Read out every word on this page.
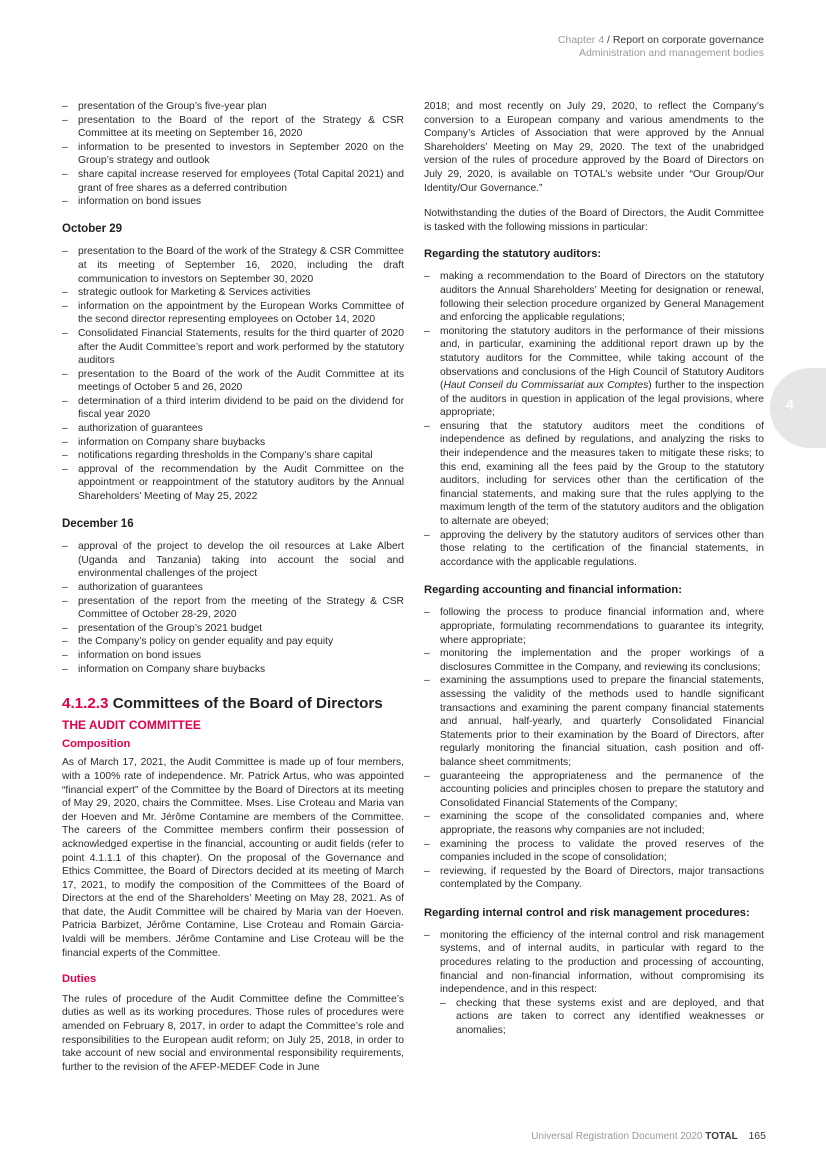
Chapter 4 / Report on corporate governance
Administration and management bodies
4
– presentation of the Group’s five-year plan
– presentation to the Board of the report of the Strategy & CSR Committee at its meeting on September 16, 2020
– information to be presented to investors in September 2020 on the Group’s strategy and outlook
– share capital increase reserved for employees (Total Capital 2021) and grant of free shares as a deferred contribution
– information on bond issues
October 29
– presentation to the Board of the work of the Strategy & CSR Committee at its meeting of September 16, 2020, including the draft communication to investors on September 30, 2020
– strategic outlook for Marketing & Services activities
– information on the appointment by the European Works Committee of the second director representing employees on October 14, 2020
– Consolidated Financial Statements, results for the third quarter of 2020 after the Audit Committee’s report and work performed by the statutory auditors
– presentation to the Board of the work of the Audit Committee at its meetings of October 5 and 26, 2020
– determination of a third interim dividend to be paid on the dividend for fiscal year 2020
– authorization of guarantees
– information on Company share buybacks
– notifications regarding thresholds in the Company’s share capital
– approval of the recommendation by the Audit Committee on the appointment or reappointment of the statutory auditors by the Annual Shareholders’ Meeting of May 25, 2022
December 16
– approval of the project to develop the oil resources at Lake Albert (Uganda and Tanzania) taking into account the social and environmental challenges of the project
– authorization of guarantees
– presentation of the report from the meeting of the Strategy & CSR Committee of October 28-29, 2020
– presentation of the Group’s 2021 budget
– the Company’s policy on gender equality and pay equity
– information on bond issues
– information on Company share buybacks
4.1.2.3 Committees of the Board of Directors
THE AUDIT COMMITTEE
Composition

As of March 17, 2021, the Audit Committee is made up of four members, with a 100% rate of independence. Mr. Patrick Artus, who was appointed “financial expert” of the Committee by the Board of Directors at its meeting of May 29, 2020, chairs the Committee. Mses. Lise Croteau and Maria van der Hoeven and Mr. Jérôme Contamine are members of the Committee. The careers of the Committee members confirm their possession of acknowledged expertise in the financial, accounting or audit fields (refer to point 4.1.1.1 of this chapter). On the proposal of the Governance and Ethics Committee, the Board of Directors decided at its meeting of March 17, 2021, to modify the composition of the Committees of the Board of Directors at the end of the Shareholders’ Meeting on May 28, 2021. As of that date, the Audit Committee will be chaired by Maria van der Hoeven. Patricia Barbizet, Jérôme Contamine, Lise Croteau and Romain Garcia-Ivaldi will be members. Jérôme Contamine and Lise Croteau will be the financial experts of the Committee.

Duties

The rules of procedure of the Audit Committee define the Committee’s duties as well as its working procedures. Those rules of procedures were amended on February 8, 2017, in order to adapt the Committee’s role and responsibilities to the European audit reform; on July 25, 2018, in order to take account of new social and environmental responsibility requirements, further to the revision of the AFEP-MEDEF Code in June

2018; and most recently on July 29, 2020, to reflect the Company’s conversion to a European company and various amendments to the Company’s Articles of Association that were approved by the Annual Shareholders’ Meeting on May 29, 2020. The text of the unabridged version of the rules of procedure approved by the Board of Directors on July 29, 2020, is available on TOTAL’s website under “Our Group/Our Identity/Our Governance.”

Notwithstanding the duties of the Board of Directors, the Audit Committee is tasked with the following missions in particular:

Regarding the statutory auditors:
– making a recommendation to the Board of Directors on the statutory auditors the Annual Shareholders’ Meeting for designation or renewal, following their selection procedure organized by General Management and enforcing the applicable regulations;
– monitoring the statutory auditors in the performance of their missions and, in particular, examining the additional report drawn up by the statutory auditors for the Committee, while taking account of the observations and conclusions of the High Council of Statutory Auditors (Haut Conseil du Commissariat aux Comptes) further to the inspection of the auditors in question in application of the legal provisions, where appropriate;
– ensuring that the statutory auditors meet the conditions of independence as defined by regulations, and analyzing the risks to their independence and the measures taken to mitigate these risks; to this end, examining all the fees paid by the Group to the statutory auditors, including for services other than the certification of the financial statements, and making sure that the rules applying to the maximum length of the term of the statutory auditors and the obligation to alternate are obeyed;
– approving the delivery by the statutory auditors of services other than those relating to the certification of the financial statements, in accordance with the applicable regulations.
Regarding accounting and financial information:
– following the process to produce financial information and, where appropriate, formulating recommendations to guarantee its integrity, where appropriate;
– monitoring the implementation and the proper workings of a disclosures Committee in the Company, and reviewing its conclusions;
– examining the assumptions used to prepare the financial statements, assessing the validity of the methods used to handle significant transactions and examining the parent company financial statements and annual, half-yearly, and quarterly Consolidated Financial Statements prior to their examination by the Board of Directors, after regularly monitoring the financial situation, cash position and off-balance sheet commitments;
– guaranteeing the appropriateness and the permanence of the accounting policies and principles chosen to prepare the statutory and Consolidated Financial Statements of the Company;
– examining the scope of the consolidated companies and, where appropriate, the reasons why companies are not included;
– examining the process to validate the proved reserves of the companies included in the scope of consolidation;
– reviewing, if requested by the Board of Directors, major transactions contemplated by the Company.
Regarding internal control and risk management procedures:
– monitoring the efficiency of the internal control and risk management systems, and of internal audits, in particular with regard to the procedures relating to the production and processing of accounting, financial and non-financial information, without compromising its independence, and in this respect:
– checking that these systems exist and are deployed, and that actions are taken to correct any identified weaknesses or anomalies;
Universal Registration Document 2020 TOTAL 165
